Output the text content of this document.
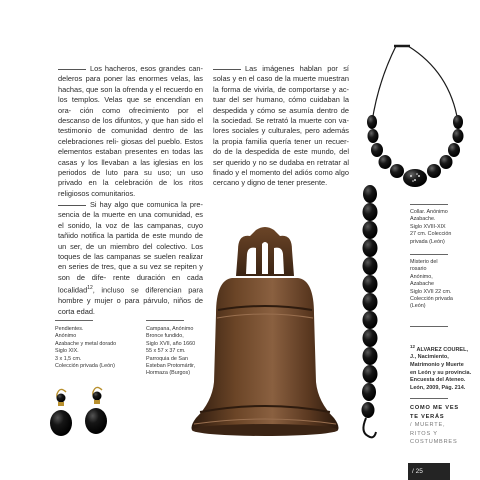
Los hacheros, esos grandes can- deleros para poner las enormes velas, las hachas, que son la ofrenda y el recuerdo en los templos. Velas que se encendían en ora- ción como ofrecimiento por el descanso de los difuntos, y que han sido el testimonio de comunidad dentro de las celebraciones reli- giosas del pueblo. Estos elementos estaban presentes en todas las casas y los llevaban a las iglesias en los periodos de luto para su uso; un uso privado en la celebración de los ritos religiosos comunitarios.
Si hay algo que comunica la pre- sencia de la muerte en una comunidad, es el sonido, la voz de las campanas, cuyo tañido notifica la partida de este mundo de un ser, de un miembro del colectivo. Los toques de las campanas se suelen realizar en series de tres, que a su vez se repiten y son de dife- rente duración en cada localidad$^{12}$, incluso se diferencian para hombre y mujer o para párvulo, niños de corta edad.
Las imágenes hablan por sí solas y en el caso de la muerte muestran la forma de vivirla, de comportarse y ac- tuar del ser humano, cómo cuidaban la despedida y cómo se asumía dentro de la sociedad. Se retrató la muerte con va- lores sociales y culturales, pero además la propia familia quería tener un recuer- do de la despedida de este mundo, del ser querido y no se dudaba en retratar al finado y el momento del adiós como algo cercano y digno de tener presente.
Pendientes.
Anónimo
Azabache y metal dorado
Siglo XIX.
3 x 1,5 cm.
Colección privada (León)
Campana, Anónimo
Bronce fundido,
Siglo XVII, año 1660
55 x 57 x 37 cm.
Parroquia de San
Esteban Protomártir,
Hormaza (Burgos)
Collar. Anónimo
Azabache.
Siglo XVIII-XIX
27 cm. Colección
privada (León)
Misterio del
rosario
Anónimo,
Azabache
Siglo XVII 22 cm.
Colección privada
(León)
$^{12}$ ALVAREZ COUREL,
J., Nacimiento,
Matrimonio y Muerte
en León y su provincia.
Encuesta del Ateneo.
León, 2009, Pág. 214.
COMO ME VES
TE VERÁS
/ MUERTE,
RITOS Y
COSTUMBRES
/ 25
